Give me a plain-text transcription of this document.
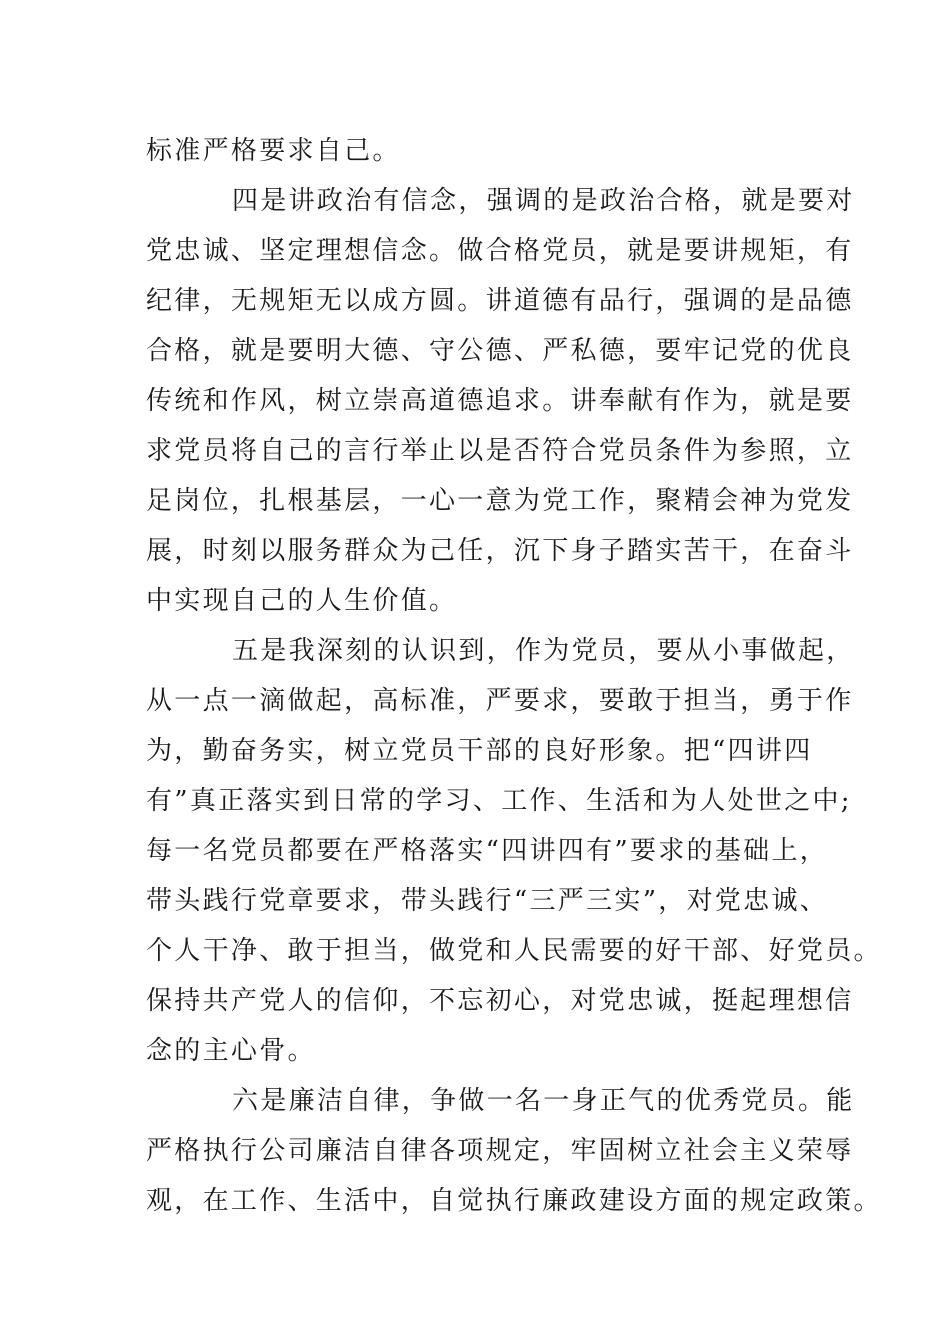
标准严格要求自己。
四是讲政治有信念，强调的是政治合格，就是要对
党忠诚、坚定理想信念。做合格党员，就是要讲规矩，有
纪律，无规矩无以成方圆。讲道德有品行，强调的是品德
合格，就是要明大德、守公德、严私德，要牢记党的优良
传统和作风，树立崇高道德追求。讲奉献有作为，就是要
求党员将自己的言行举止以是否符合党员条件为参照，立
足岗位，扎根基层，一心一意为党工作，聚精会神为党发
展，时刻以服务群众为己任，沉下身子踏实苦干，在奋斗
中实现自己的人生价值。
五是我深刻的认识到，作为党员，要从小事做起，
从一点一滴做起，高标准，严要求，要敢于担当，勇于作
为，勤奋务实，树立党员干部的良好形象。把“四讲四
有”真正落实到日常的学习、工作、生活和为人处世之中;
每一名党员都要在严格落实“四讲四有”要求的基础上，
带头践行党章要求，带头践行“三严三实”，对党忠诚、
个人干净、敢于担当，做党和人民需要的好干部、好党员。
保持共产党人的信仰，不忘初心，对党忠诚，挺起理想信
念的主心骨。
六是廉洁自律，争做一名一身正气的优秀党员。能
严格执行公司廉洁自律各项规定，牢固树立社会主义荣辱
观，在工作、生活中，自觉执行廉政建设方面的规定政策。
